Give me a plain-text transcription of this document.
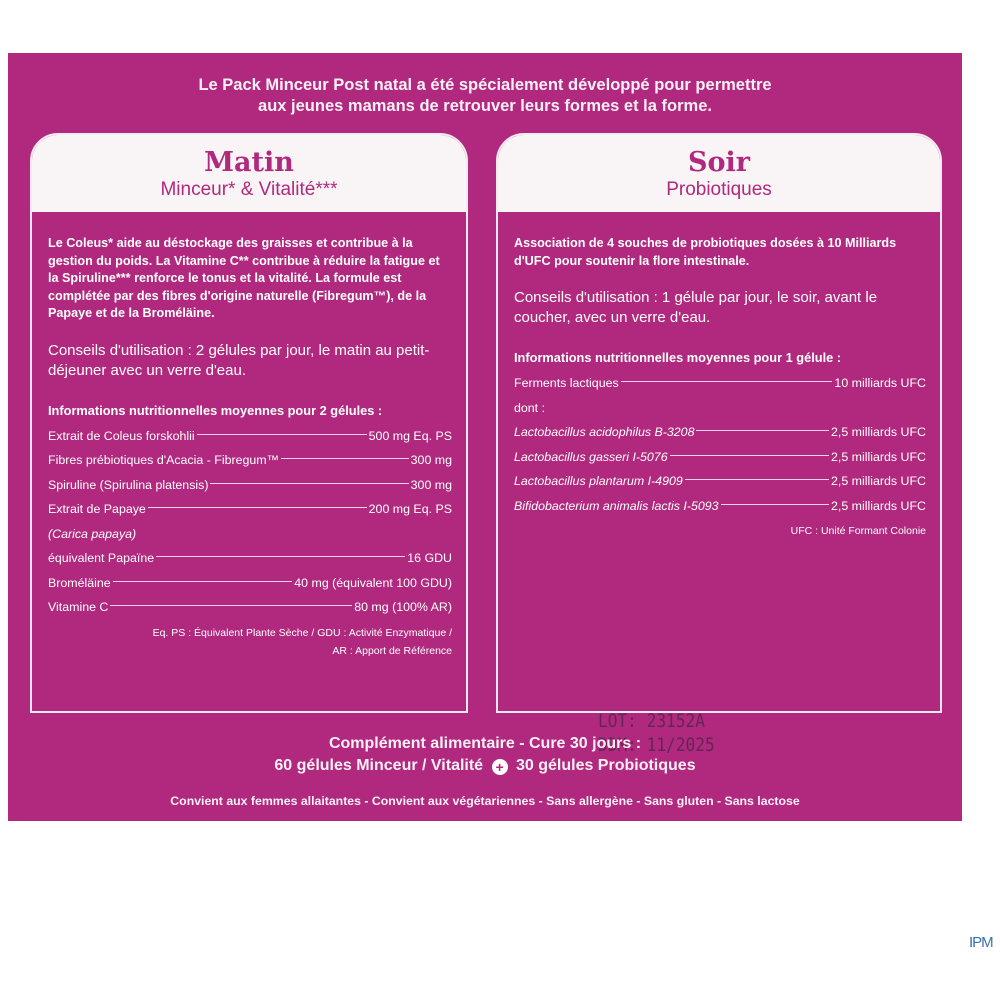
Le Pack Minceur Post natal a été spécialement développé pour permettre
aux jeunes mamans de retrouver leurs formes et la forme.
Matin
Minceur* & Vitalité***

Le Coleus* aide au déstockage des graisses et contribue à la gestion du poids. La Vitamine C** contribue à réduire la fatigue et la Spiruline*** renforce le tonus et la vitalité. La formule est complétée par des fibres d'origine naturelle (Fibregum™), de la Papaye et de la Broméläine.

Conseils d'utilisation : 2 gélules par jour, le matin au petit-déjeuner avec un verre d'eau.

Informations nutritionnelles moyennes pour 2 gélules :
Extrait de Coleus forskohlii	500 mg Eq. PS
Fibres prébiotiques d'Acacia - Fibregum™	300 mg
Spiruline (Spirulina platensis)	300 mg
Extrait de Papaye	200 mg Eq. PS
(Carica papaya)
équivalent Papaïne	16 GDU
Broméläine	40 mg (équivalent 100 GDU)
Vitamine C	80 mg (100% AR)
Eq. PS : Équivalent Plante Sèche / GDU : Activité Enzymatique /
AR : Apport de Référence
Soir
Probiotiques

Association de 4 souches de probiotiques dosées à 10 Milliards d'UFC pour soutenir la flore intestinale.

Conseils d'utilisation : 1 gélule par jour, le soir, avant le coucher, avec un verre d'eau.

Informations nutritionnelles moyennes pour 1 gélule :
Ferments lactiques	10 milliards UFC
dont :
Lactobacillus acidophilus B-3208	2,5 milliards UFC
Lactobacillus gasseri I-5076	2,5 milliards UFC
Lactobacillus plantarum I-4909	2,5 milliards UFC
Bifidobacterium animalis lactis I-5093	2,5 milliards UFC
UFC : Unité Formant Colonie
LOT: 23152A
DDM: 11/2025
Complément alimentaire - Cure 30 jours :
60 gélules Minceur / Vitalité + 30 gélules Probiotiques
Convient aux femmes allaitantes - Convient aux végétariennes - Sans allergène - Sans gluten - Sans lactose
IPM
